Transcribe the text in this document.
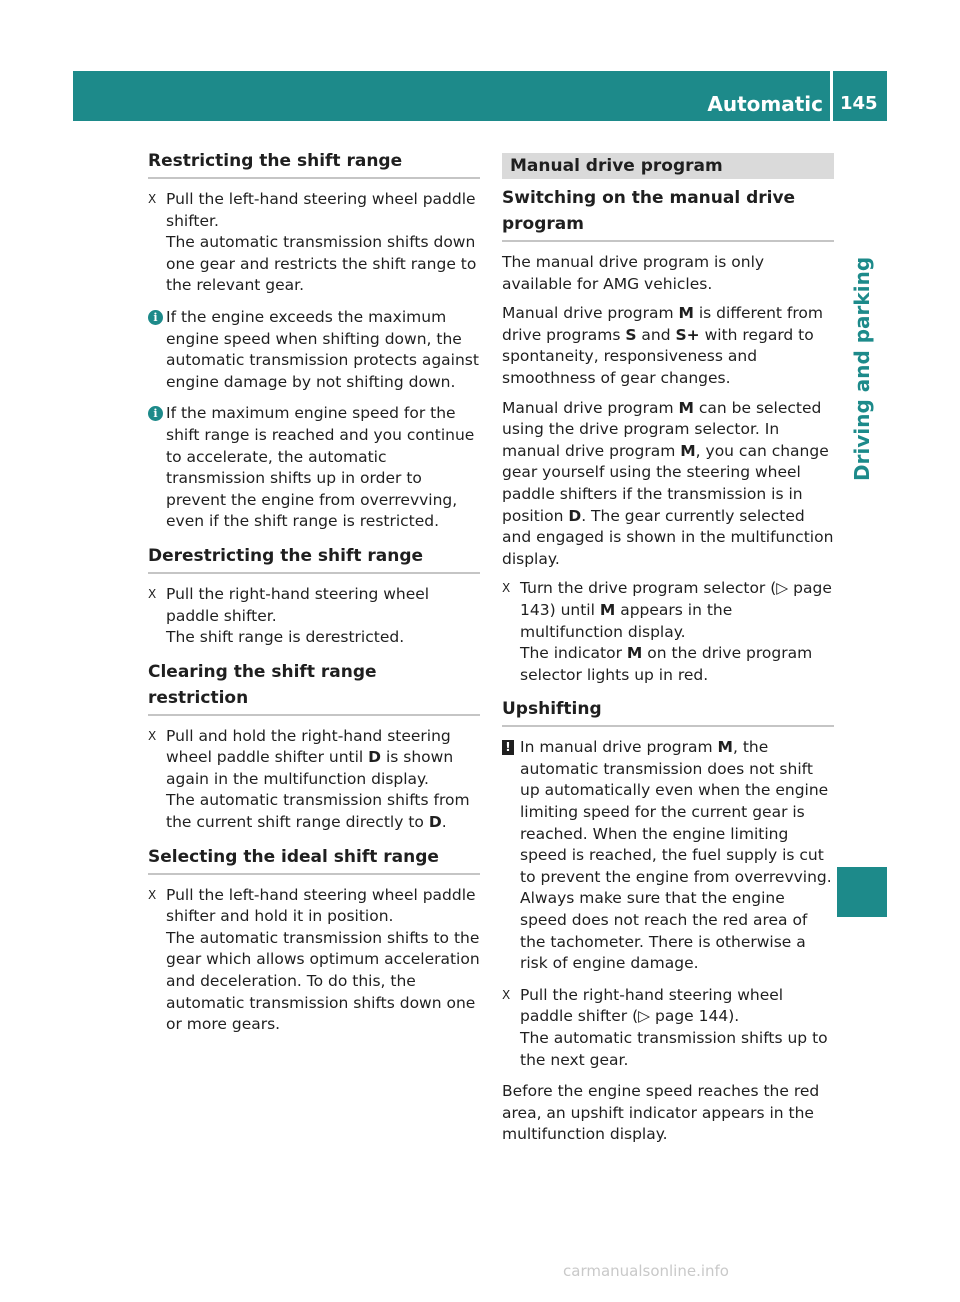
Automatic transmission
145
Driving and parking
Restricting the shift range
X Pull the left-hand steering wheel paddle shifter.
The automatic transmission shifts down one gear and restricts the shift range to the relevant gear.
i If the engine exceeds the maximum engine speed when shifting down, the automatic transmission protects against engine damage by not shifting down.
i If the maximum engine speed for the shift range is reached and you continue to accelerate, the automatic transmission shifts up in order to prevent the engine from overrevving, even if the shift range is restricted.
Derestricting the shift range
X Pull the right-hand steering wheel paddle shifter.
The shift range is derestricted.
Clearing the shift range restriction
X Pull and hold the right-hand steering wheel paddle shifter until D is shown again in the multifunction display.
The automatic transmission shifts from the current shift range directly to D.
Selecting the ideal shift range
X Pull the left-hand steering wheel paddle shifter and hold it in position.
The automatic transmission shifts to the gear which allows optimum acceleration and deceleration. To do this, the automatic transmission shifts down one or more gears.
Manual drive program
Switching on the manual drive program
The manual drive program is only available for AMG vehicles.
Manual drive program M is different from drive programs S and S+ with regard to spontaneity, responsiveness and smoothness of gear changes.
Manual drive program M can be selected using the drive program selector. In manual drive program M, you can change gear yourself using the steering wheel paddle shifters if the transmission is in position D. The gear currently selected and engaged is shown in the multifunction display.
X Turn the drive program selector (▷ page 143) until M appears in the multifunction display.
The indicator M on the drive program selector lights up in red.
Upshifting
! In manual drive program M, the automatic transmission does not shift up automatically even when the engine limiting speed for the current gear is reached. When the engine limiting speed is reached, the fuel supply is cut to prevent the engine from overrevving. Always make sure that the engine speed does not reach the red area of the tachometer. There is otherwise a risk of engine damage.
X Pull the right-hand steering wheel paddle shifter (▷ page 144).
The automatic transmission shifts up to the next gear.
Before the engine speed reaches the red area, an upshift indicator appears in the multifunction display.
carmanualsonline.info
